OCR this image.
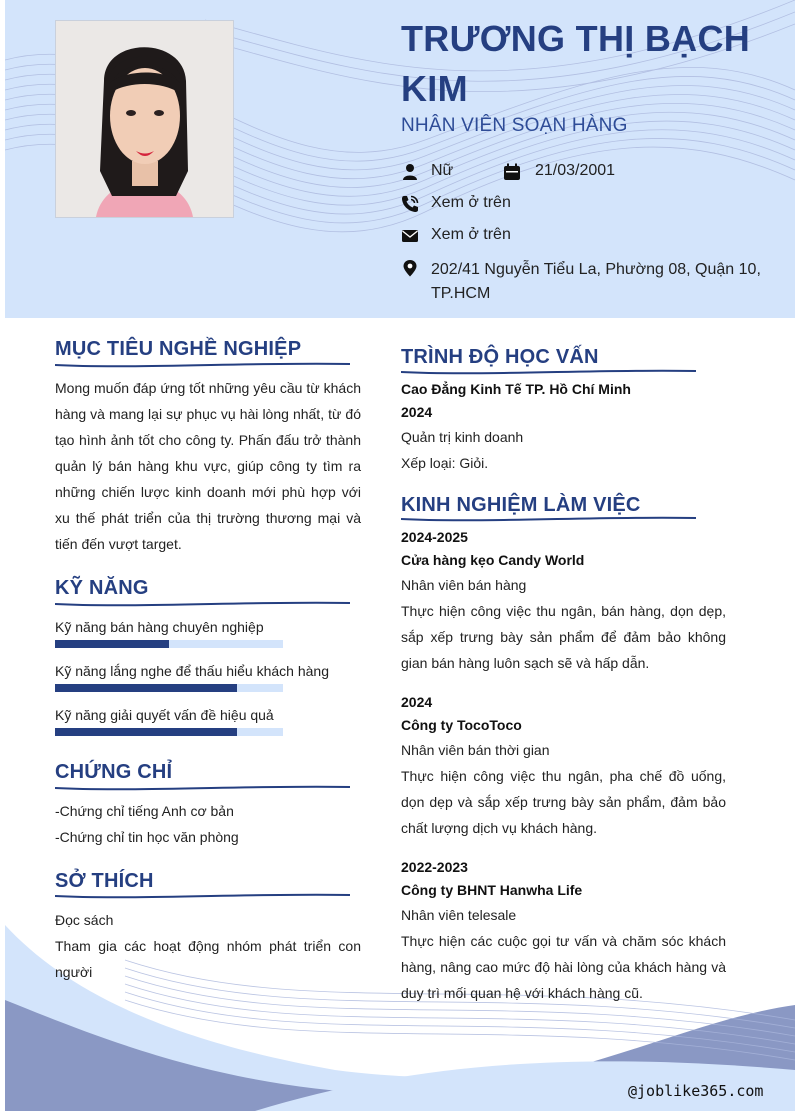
TRƯƠNG THỊ BẠCH KIM
NHÂN VIÊN SOẠN HÀNG
Nữ	21/03/2001
Xem ở trên
Xem ở trên
202/41 Nguyễn Tiểu La, Phường 08, Quận 10, TP.HCM
MỤC TIÊU NGHỀ NGHIỆP
Mong muốn đáp ứng tốt những yêu cầu từ khách hàng và mang lại sự phục vụ hài lòng nhất, từ đó tạo hình ảnh tốt cho công ty. Phấn đấu trở thành quản lý bán hàng khu vực, giúp công ty tìm ra những chiến lược kinh doanh mới phù hợp với xu thế phát triển của thị trường thương mại và tiến đến vượt target.
KỸ NĂNG
Kỹ năng bán hàng chuyên nghiệp
Kỹ năng lắng nghe để thấu hiểu khách hàng
Kỹ năng giải quyết vấn đề hiệu quả
CHỨNG CHỈ
-Chứng chỉ tiếng Anh cơ bản
-Chứng chỉ tin học văn phòng
SỞ THÍCH
Đọc sách
Tham gia các hoạt động nhóm phát triển con người
TRÌNH ĐỘ HỌC VẤN
Cao Đẳng Kinh Tế TP. Hồ Chí Minh
2024
Quản trị kinh doanh
Xếp loại: Giỏi.
KINH NGHIỆM LÀM VIỆC
2024-2025
Cửa hàng kẹo Candy World
Nhân viên bán hàng
Thực hiện công việc thu ngân, bán hàng, dọn dẹp, sắp xếp trưng bày sản phẩm để đảm bảo không gian bán hàng luôn sạch sẽ và hấp dẫn.
2024
Công ty TocoToco
Nhân viên bán thời gian
Thực hiện công việc thu ngân, pha chế đồ uống, dọn dẹp và sắp xếp trưng bày sản phẩm, đảm bảo chất lượng dịch vụ khách hàng.
2022-2023
Công ty BHNT Hanwha Life
Nhân viên telesale
Thực hiện các cuộc gọi tư vấn và chăm sóc khách hàng, nâng cao mức độ hài lòng của khách hàng và duy trì mối quan hệ với khách hàng cũ.
@joblike365.com
